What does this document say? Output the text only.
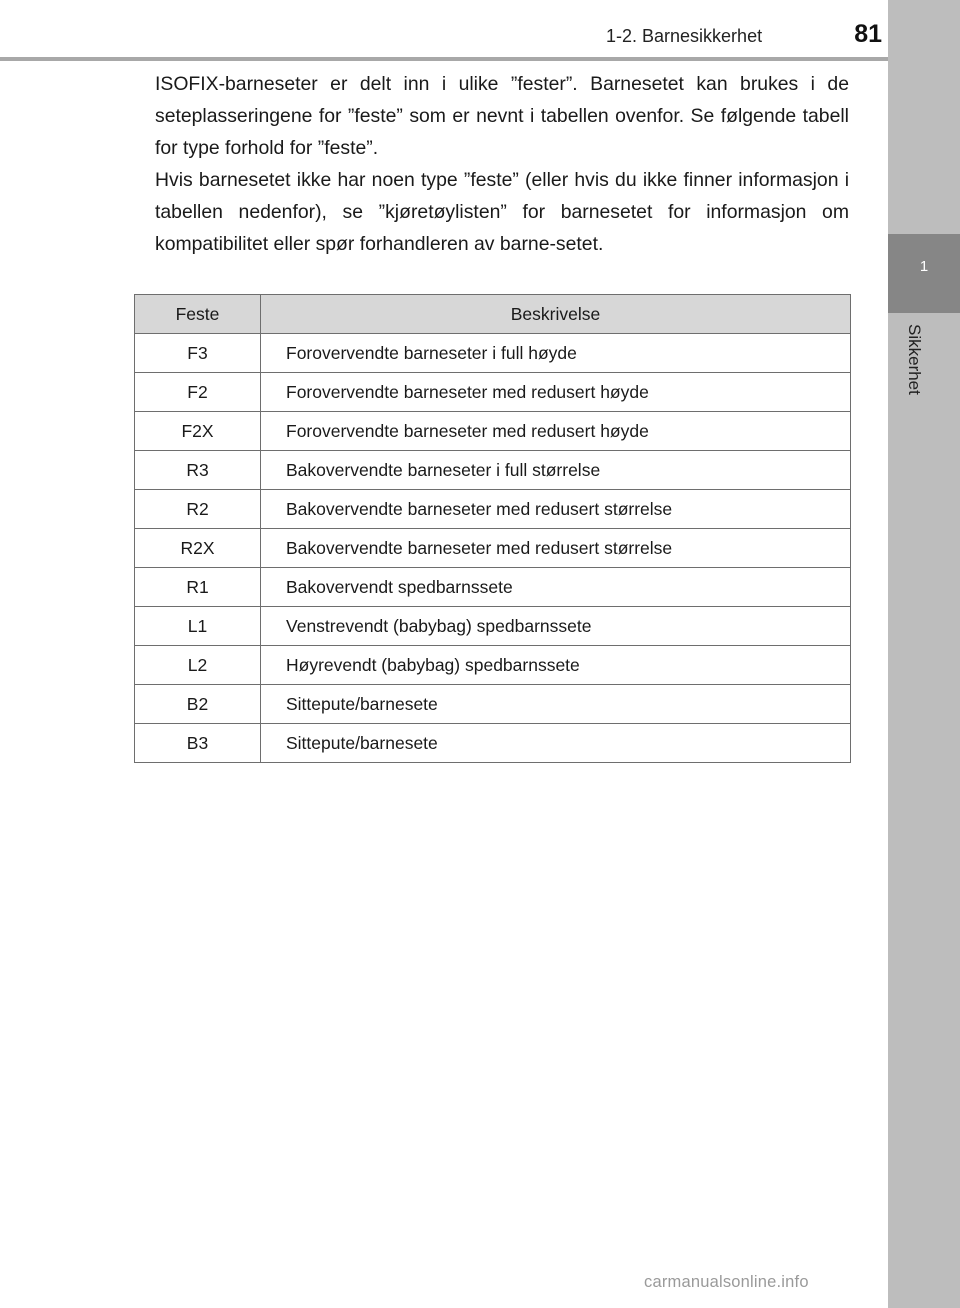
1-2. Barnesikkerhet	81
1
Sikkerhet

ISOFIX-barneseter er delt inn i ulike ”fester”. Barnesetet kan brukes i de seteplasseringene for ”feste” som er nevnt i tabellen ovenfor. Se følgende tabell for type forhold for ”feste”.

Hvis barnesetet ikke har noen type ”feste” (eller hvis du ikke finner informasjon i tabellen nedenfor), se ”kjøretøylisten” for barnesetet for informasjon om kompatibilitet eller spør forhandleren av barne-setet.

Feste	Beskrivelse
F3	Forovervendte barneseter i full høyde
F2	Forovervendte barneseter med redusert høyde
F2X	Forovervendte barneseter med redusert høyde
R3	Bakovervendte barneseter i full størrelse
R2	Bakovervendte barneseter med redusert størrelse
R2X	Bakovervendte barneseter med redusert størrelse
R1	Bakovervendt spedbarnssete
L1	Venstrevendt (babybag) spedbarnssete
L2	Høyrevendt (babybag) spedbarnssete
B2	Sittepute/barnesete
B3	Sittepute/barnesete
carmanualsonline.info
